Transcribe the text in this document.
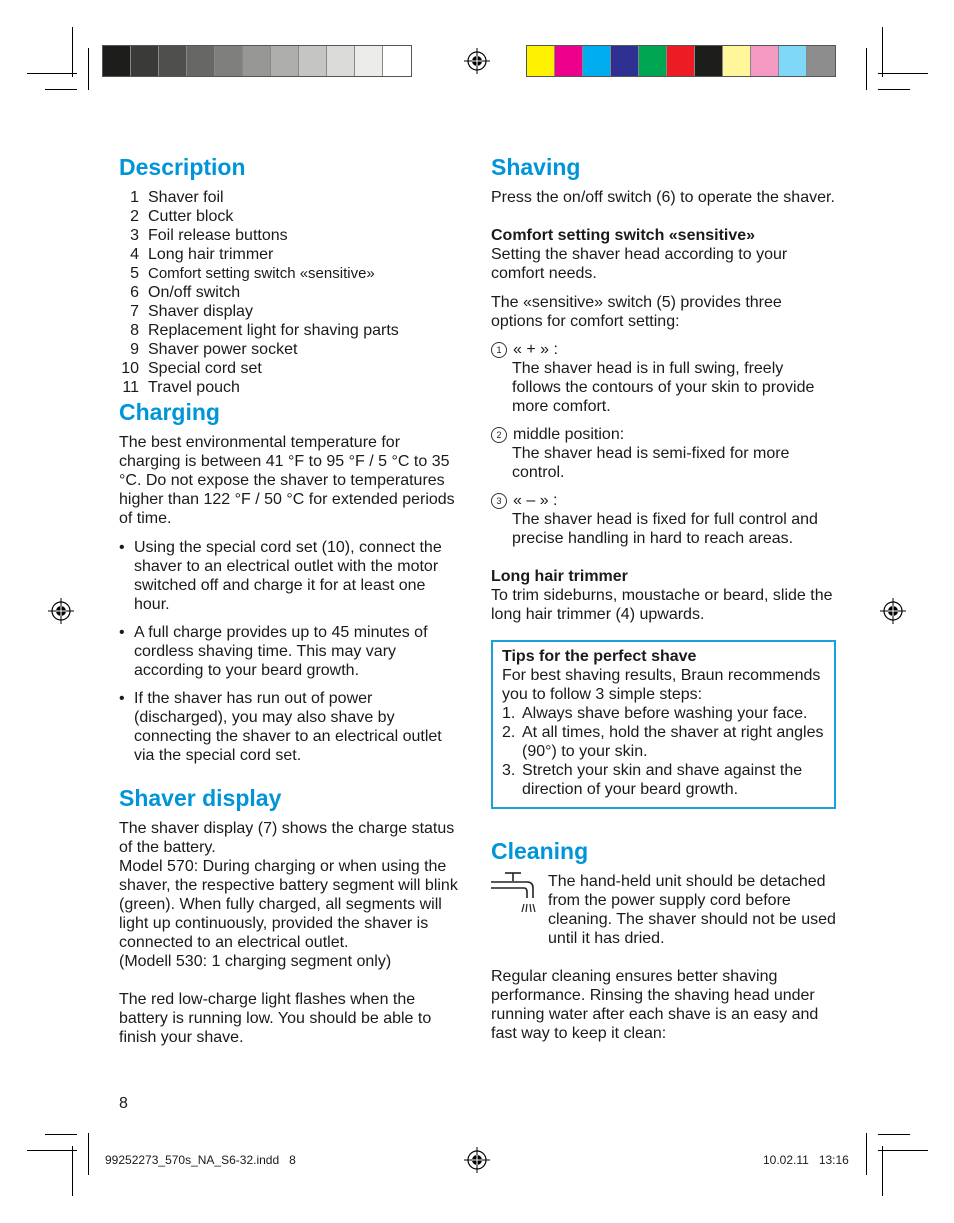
Description
1 Shaver foil
2 Cutter block
3 Foil release buttons
4 Long hair trimmer
5 Comfort setting switch «sensitive»
6 On/off switch
7 Shaver display
8 Replacement light for shaving parts
9 Shaver power socket
10 Special cord set
11 Travel pouch
Charging

The best environmental temperature for charging is between 41 °F to 95 °F / 5 °C to 35 °C. Do not expose the shaver to temperatures higher than 122 °F / 50 °C for extended periods of time.

• Using the special cord set (10), connect the shaver to an electrical outlet with the motor switched off and charge it for at least one hour.
• A full charge provides up to 45 minutes of cordless shaving time. This may vary according to your beard growth.
• If the shaver has run out of power (discharged), you may also shave by connecting the shaver to an electrical outlet via the special cord set.
Shaver display

The shaver display (7) shows the charge status of the battery.

Model 570: During charging or when using the shaver, the respective battery segment will blink (green). When fully charged, all segments will light up continuously, provided the shaver is connected to an electrical outlet.

(Modell 530: 1 charging segment only)

The red low-charge light flashes when the battery is running low. You should be able to finish your shave.

Shaving

Press the on/off switch (6) to operate the shaver.

Comfort setting switch «sensitive»

Setting the shaver head according to your comfort needs.

The «sensitive» switch (5) provides three options for comfort setting:

1 « + » :

The shaver head is in full swing, freely follows the contours of your skin to provide more comfort.

2 middle position:

The shaver head is semi-fixed for more control.

3 « – » :

The shaver head is fixed for full control and precise handling in hard to reach areas.

Long hair trimmer

To trim sideburns, moustache or beard, slide the long hair trimmer (4) upwards.

Tips for the perfect shave

For best shaving results, Braun recommends you to follow 3 simple steps:

1. Always shave before washing your face.
2. At all times, hold the shaver at right angles (90°) to your skin.
3. Stretch your skin and shave against the direction of your beard growth.
Cleaning

The hand-held unit should be detached from the power supply cord before cleaning. The shaver should not be used until it has dried.

Regular cleaning ensures better shaving performance. Rinsing the shaving head under running water after each shave is an easy and fast way to keep it clean:

8
99252273_570s_NA_S6-32.indd   8	10.02.11   13:16
